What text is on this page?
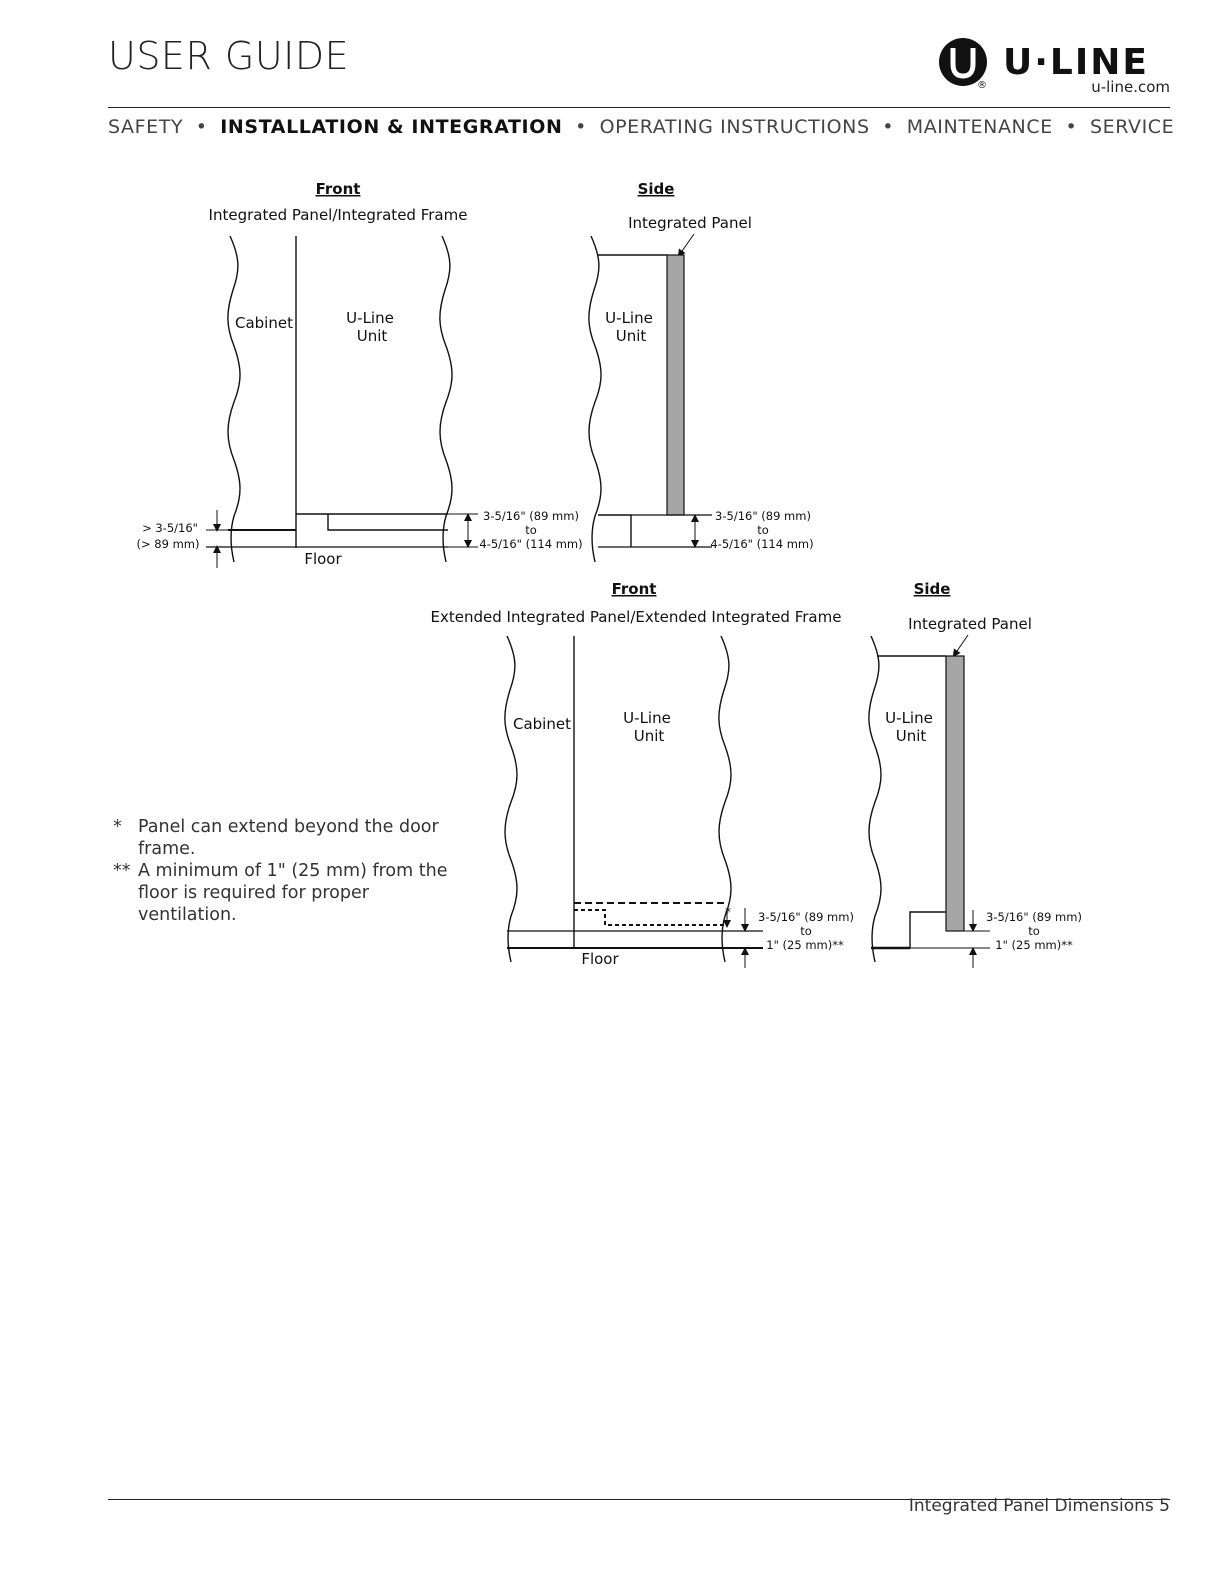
USER GUIDE
®
U·LINE
u-line.com
SAFETY • INSTALLATION & INTEGRATION • OPERATING INSTRUCTIONS • MAINTENANCE • SERVICE
Front
Integrated Panel/Integrated Frame
Cabinet	U-Line
Unit
Floor
> 3-5/16"
(> 89 mm)
3-5/16" (89 mm)
to
4-5/16" (114 mm)
Side
Integrated Panel
U-Line
Unit
3-5/16" (89 mm)
to
4-5/16" (114 mm)
Front
Extended Integrated Panel/Extended Integrated Frame
*
Cabinet	U-Line
Unit
Floor
3-5/16" (89 mm)
to
1" (25 mm)**
Side
Integrated Panel
U-Line
Unit
3-5/16" (89 mm)
to
1" (25 mm)**
* Panel can extend beyond the door frame.
** A minimum of 1" (25 mm) from the floor is required for proper ventilation.
Integrated Panel Dimensions 5
